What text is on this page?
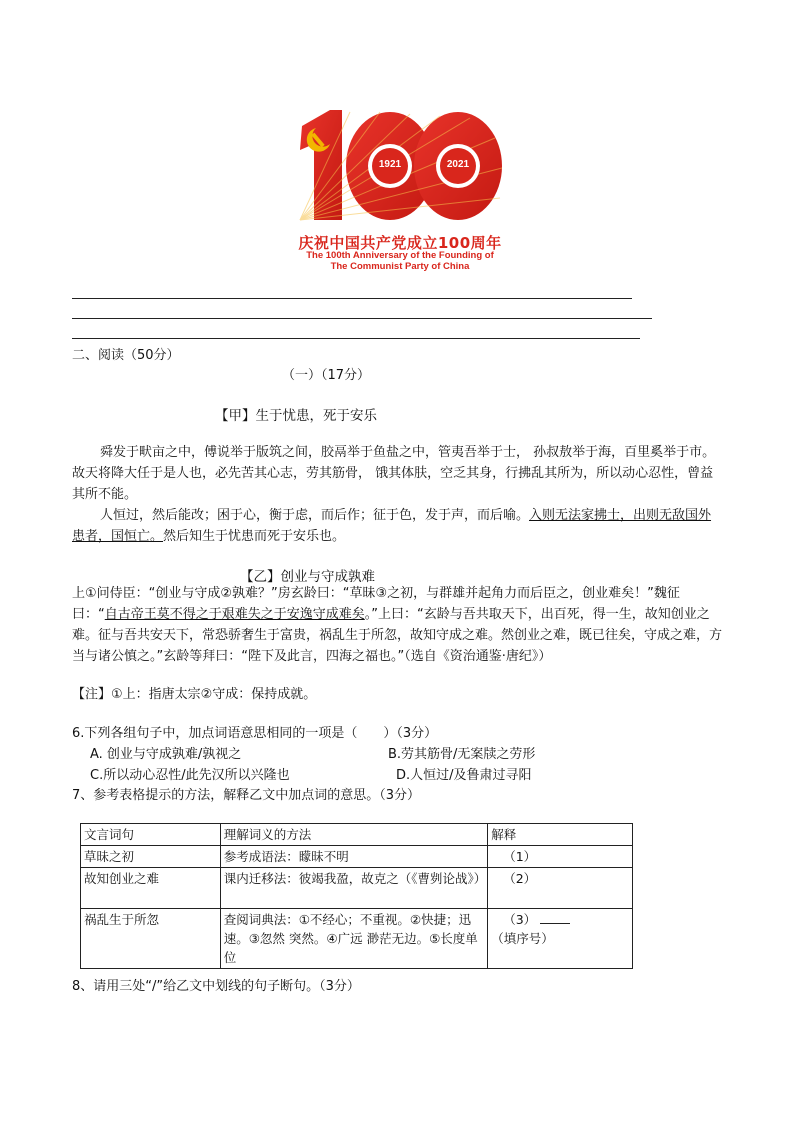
1921	2021
庆祝中国共产党成立100周年
The 100th Anniversary of the Founding of
The Communist Party of China
二、阅读（50分）
（一）（17分）
【甲】生于忧患，死于安乐
舜发于畎亩之中，傅说举于版筑之间，胶鬲举于鱼盐之中，管夷吾举于士， 孙叔敖举于海，百里奚举于市。故天将降大任于是人也，必先苦其心志，劳其筋骨， 饿其体肤，空乏其身，行拂乱其所为，所以动心忍性，曾益其所不能。
人恒过，然后能改；困于心，衡于虑，而后作；征于色，发于声，而后喻。入则无法家拂士，出则无敌国外患者，国恒亡。然后知生于忧患而死于安乐也。
【乙】创业与守成孰难
上①问侍臣：“创业与守成②孰难？”房玄龄曰：“草昧③之初，与群雄并起角力而后臣之，创业难矣！”魏征曰：“自古帝王莫不得之于艰难失之于安逸守成难矣。”上曰：“玄龄与吾共取天下，出百死，得一生，故知创业之难。征与吾共安天下，常恐骄奢生于富贵，祸乱生于所忽，故知守成之难。然创业之难，既已往矣，守成之难，方当与诸公慎之。”玄龄等拜曰：“陛下及此言，四海之福也。”（选自《资治通鉴·唐纪》）
【注】①上：指唐太宗②守成：保持成就。
6.下列各组句子中，加点词语意思相同的一项是（　　）（3分）
A. 创业与守成孰难/孰视之	B.劳其筋骨/无案牍之劳形
C.所以动心忍性/此先汉所以兴隆也	D.人恒过/及鲁肃过寻阳
7、参考表格提示的方法，解释乙文中加点词的意思。（3分）
文言词句	理解词义的方法	解释
草昧之初	参考成语法：矇昧不明	（1）
故知创业之难	课内迁移法：彼竭我盈，故克之（《曹刿论战》）	（2）
祸乱生于所忽	查阅词典法：①不经心；不重视。②快捷；迅速。③忽然 突然。④广远 渺茫无边。⑤长度单位	（3） （填序号）
8、请用三处“/”给乙文中划线的句子断句。（3分）
